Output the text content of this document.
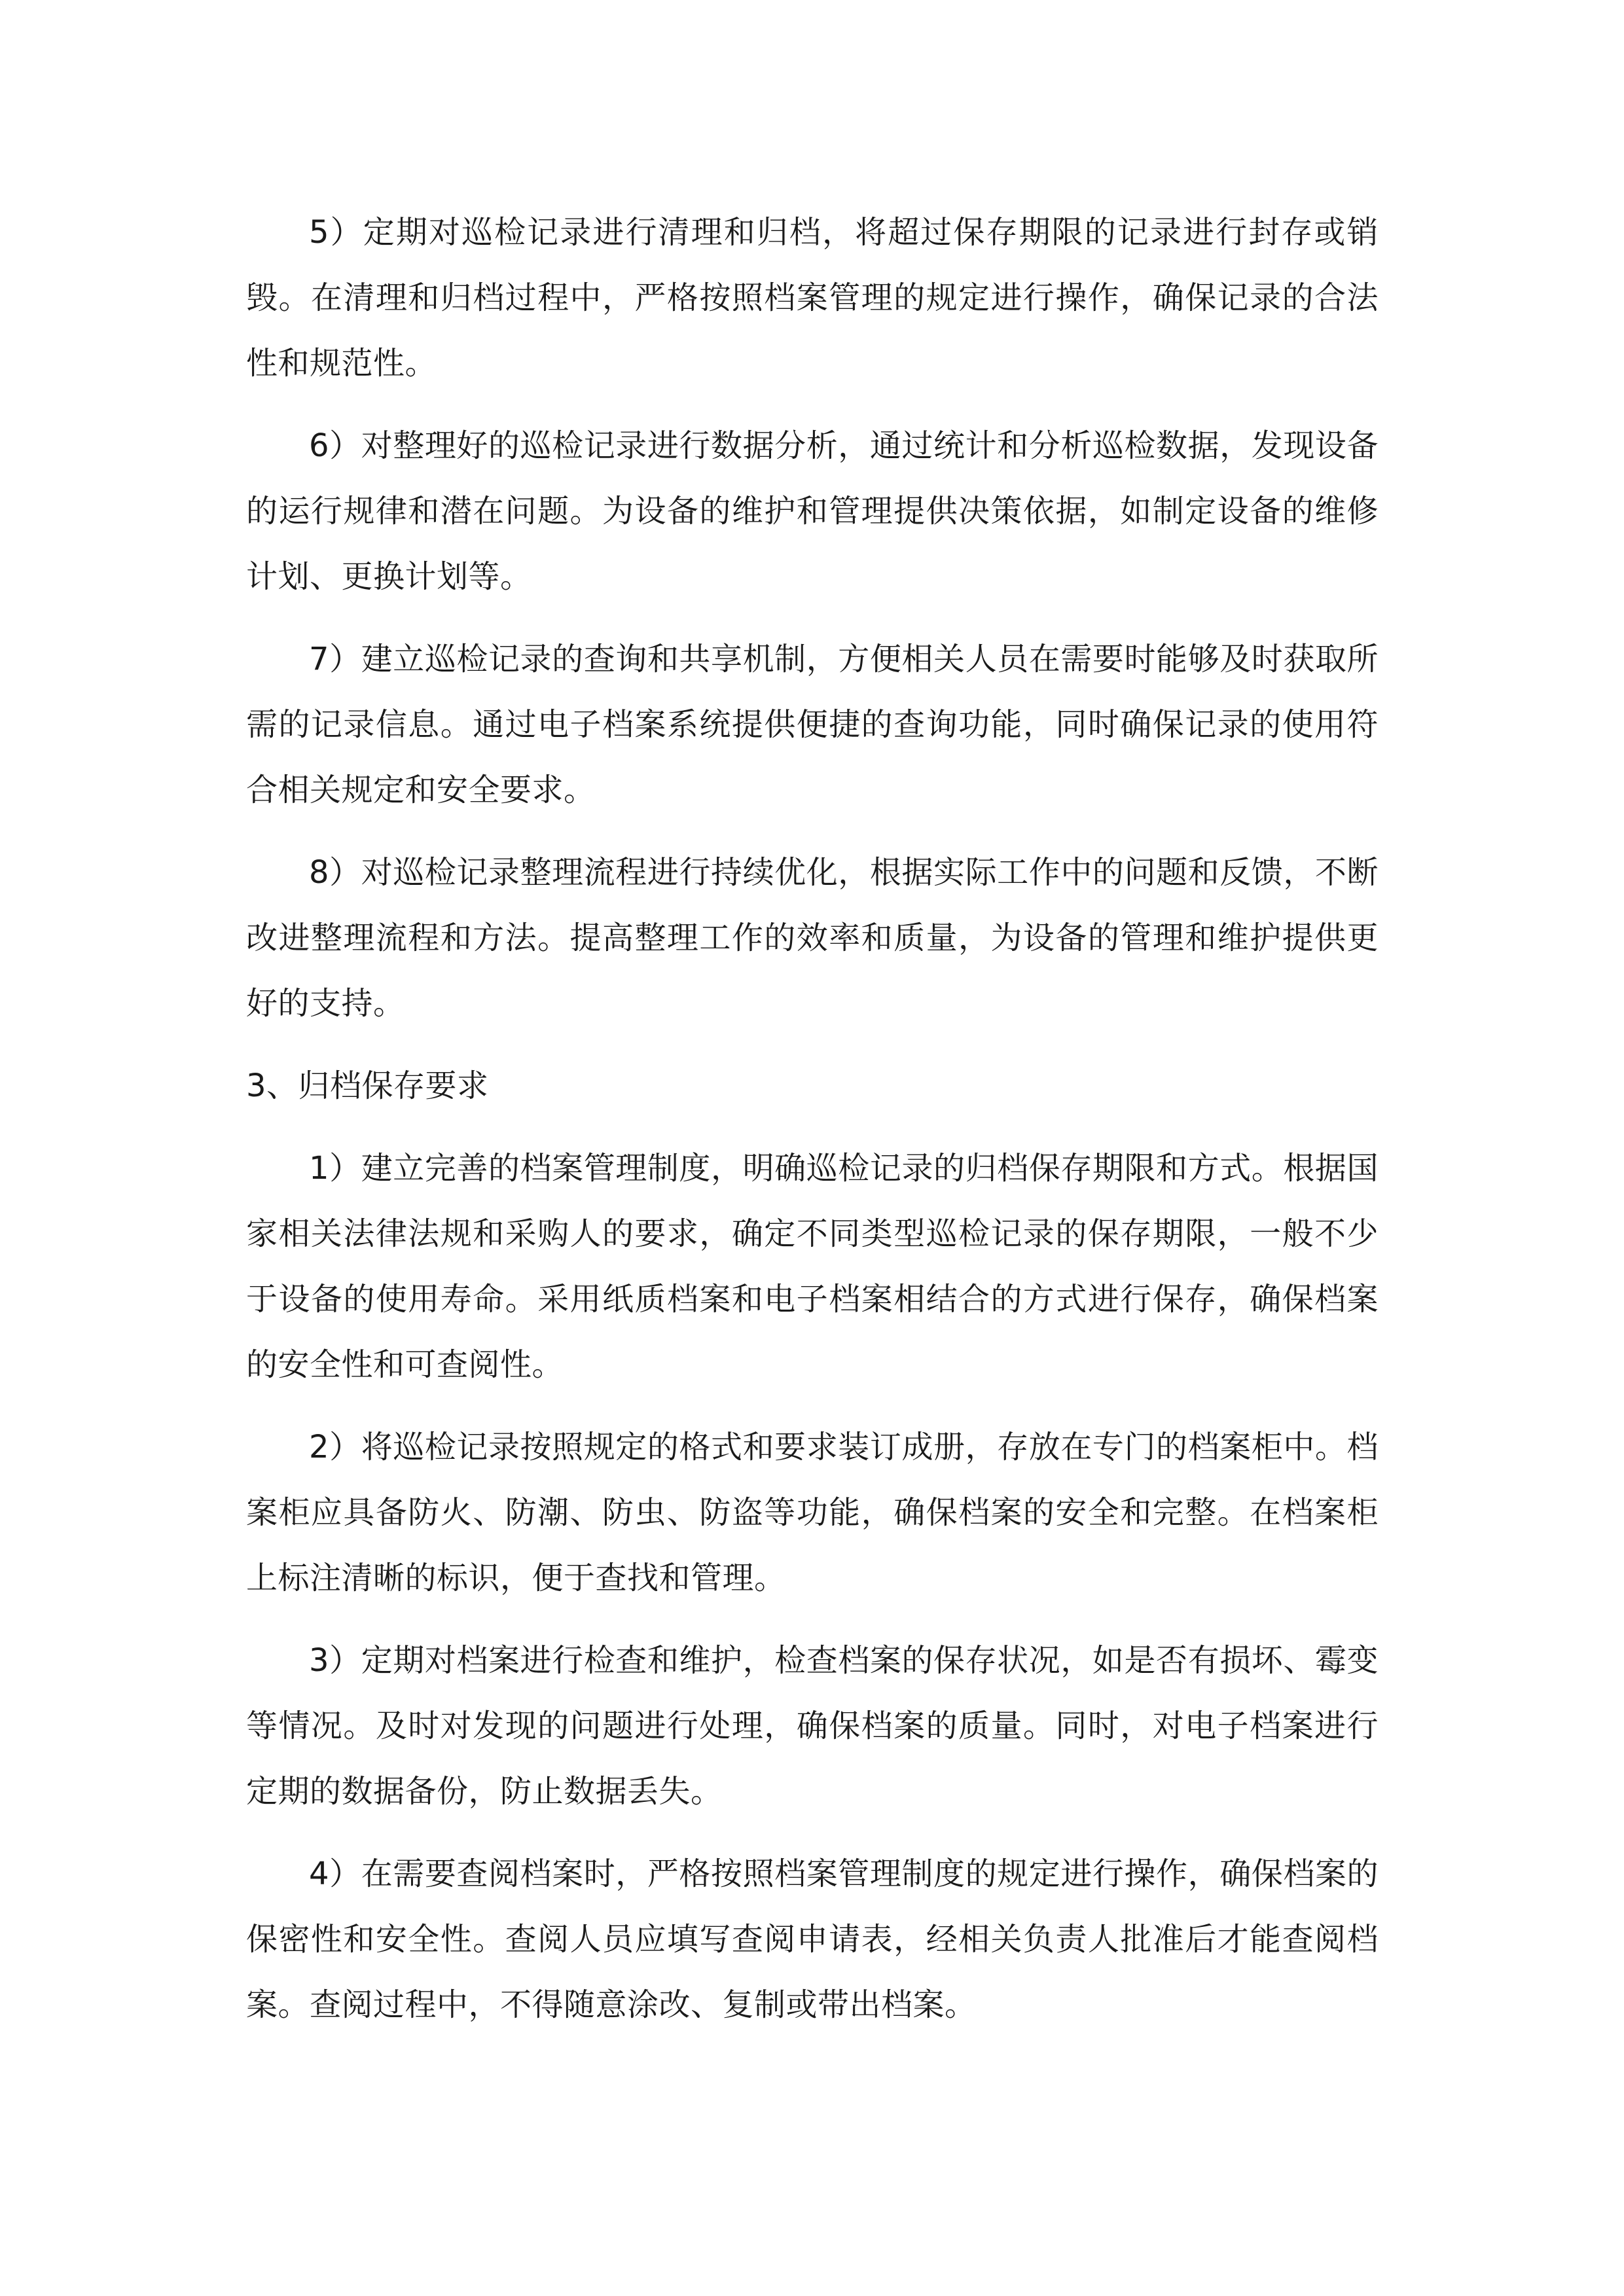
5）定期对巡检记录进行清理和归档，将超过保存期限的记录进行封存或销毁。在清理和归档过程中，严格按照档案管理的规定进行操作，确保记录的合法性和规范性。

6）对整理好的巡检记录进行数据分析，通过统计和分析巡检数据，发现设备的运行规律和潜在问题。为设备的维护和管理提供决策依据，如制定设备的维修计划、更换计划等。

7）建立巡检记录的查询和共享机制，方便相关人员在需要时能够及时获取所需的记录信息。通过电子档案系统提供便捷的查询功能，同时确保记录的使用符合相关规定和安全要求。

8）对巡检记录整理流程进行持续优化，根据实际工作中的问题和反馈，不断改进整理流程和方法。提高整理工作的效率和质量，为设备的管理和维护提供更好的支持。

3、归档保存要求

1）建立完善的档案管理制度，明确巡检记录的归档保存期限和方式。根据国家相关法律法规和采购人的要求，确定不同类型巡检记录的保存期限，一般不少于设备的使用寿命。采用纸质档案和电子档案相结合的方式进行保存，确保档案的安全性和可查阅性。

2）将巡检记录按照规定的格式和要求装订成册，存放在专门的档案柜中。档案柜应具备防火、防潮、防虫、防盗等功能，确保档案的安全和完整。在档案柜上标注清晰的标识，便于查找和管理。

3）定期对档案进行检查和维护，检查档案的保存状况，如是否有损坏、霉变等情况。及时对发现的问题进行处理，确保档案的质量。同时，对电子档案进行定期的数据备份，防止数据丢失。

4）在需要查阅档案时，严格按照档案管理制度的规定进行操作，确保档案的保密性和安全性。查阅人员应填写查阅申请表，经相关负责人批准后才能查阅档案。查阅过程中，不得随意涂改、复制或带出档案。
